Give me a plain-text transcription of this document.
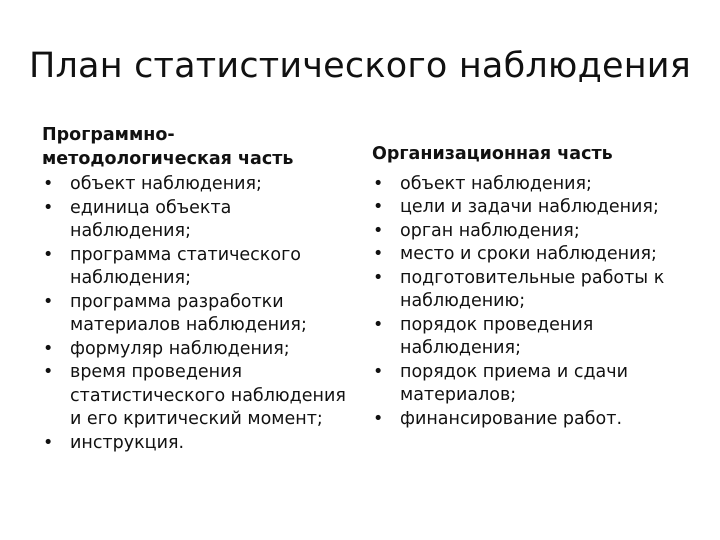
План статистического наблюдения
Программно-
методологическая часть
• объект наблюдения;
• единица объекта
наблюдения;
• программа статического
наблюдения;
• программа разработки
материалов наблюдения;
• формуляр наблюдения;
• время проведения
статистического наблюдения
и его критический момент;
• инструкция.
Организационная часть
• объект наблюдения;
• цели и задачи наблюдения;
• орган наблюдения;
• место и сроки наблюдения;
• подготовительные работы к
наблюдению;
• порядок проведения
наблюдения;
• порядок приема и сдачи
материалов;
• финансирование работ.
